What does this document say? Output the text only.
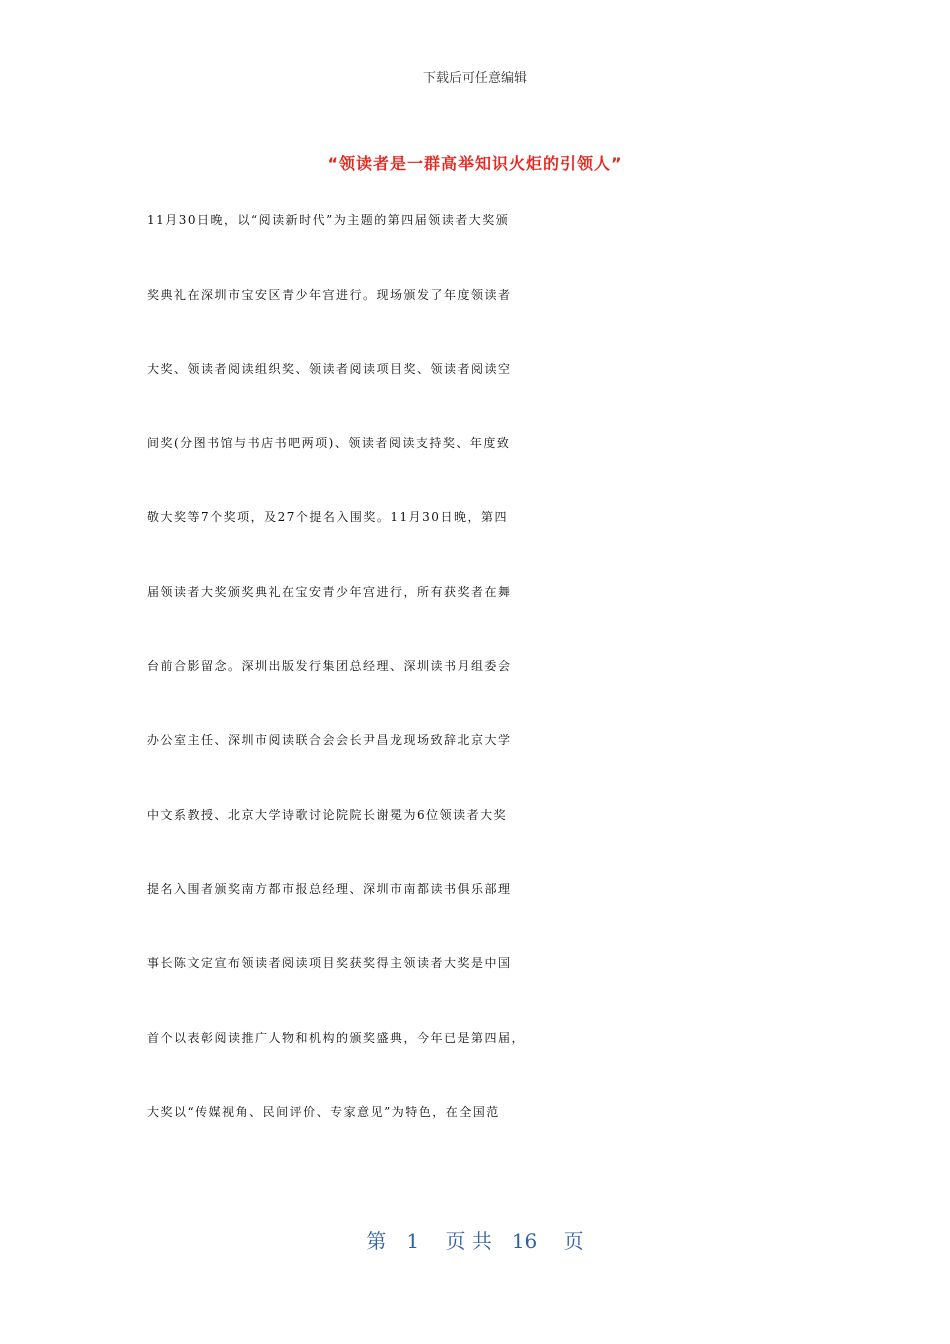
下载后可任意编辑
“领读者是一群高举知识火炬的引领人”
11月30日晚，以“阅读新时代”为主题的第四届领读者大奖颁
奖典礼在深圳市宝安区青少年宫进行。现场颁发了年度领读者
大奖、领读者阅读组织奖、领读者阅读项目奖、领读者阅读空
间奖(分图书馆与书店书吧两项)、领读者阅读支持奖、年度致
敬大奖等7个奖项，及27个提名入围奖。11月30日晚，第四
届领读者大奖颁奖典礼在宝安青少年宫进行，所有获奖者在舞
台前合影留念。深圳出版发行集团总经理、深圳读书月组委会
办公室主任、深圳市阅读联合会会长尹昌龙现场致辞北京大学
中文系教授、北京大学诗歌讨论院院长谢冕为6位领读者大奖
提名入围者颁奖南方都市报总经理、深圳市南都读书俱乐部理
事长陈文定宣布领读者阅读项目奖获奖得主领读者大奖是中国
首个以表彰阅读推广人物和机构的颁奖盛典，今年已是第四届，
大奖以“传媒视角、民间评价、专家意见”为特色，在全国范
第　1　 页 共　16　 页
